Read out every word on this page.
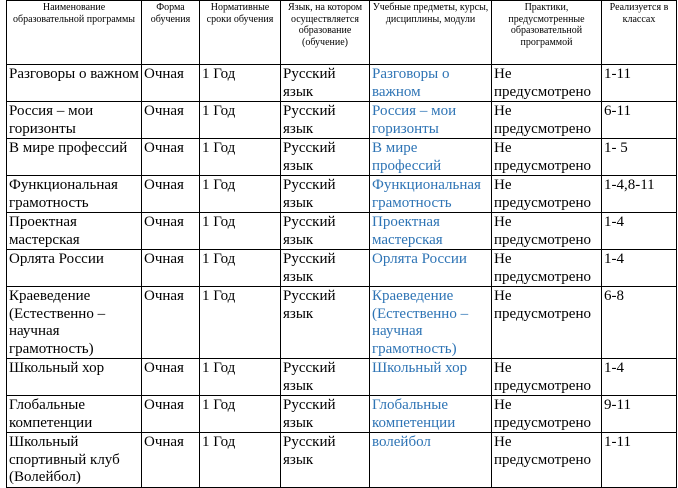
Наименование образовательной программы	Форма обучения	Нормативные сроки обучения	Язык, на котором осуществляется образование (обучение)	Учебные предметы, курсы, дисциплины, модули	Практики, предусмотренные образовательной программой	Реализуется в классах
Разговоры о важном	Очная	1 Год	Русский язык	Разговоры о важном	Не предусмотрено	1-11
Россия – мои горизонты	Очная	1 Год	Русский язык	Россия – мои горизонты	Не предусмотрено	6-11
В мире профессий	Очная	1 Год	Русский язык	В мире профессий	Не предусмотрено	1- 5
Функциональная грамотность	Очная	1 Год	Русский язык	Функциональная грамотность	Не предусмотрено	1-4,8-11
Проектная мастерская	Очная	1 Год	Русский язык	Проектная мастерская	Не предусмотрено	1-4
Орлята России	Очная	1 Год	Русский язык	Орлята России	Не предусмотрено	1-4
Краеведение (Естественно – научная грамотность)	Очная	1 Год	Русский язык	Краеведение (Естественно – научная грамотность)	Не предусмотрено	6-8
Школьный хор	Очная	1 Год	Русский язык	Школьный хор	Не предусмотрено	1-4
Глобальные компетенции	Очная	1 Год	Русский язык	Глобальные компетенции	Не предусмотрено	9-11
Школьный спортивный клуб (Волейбол)	Очная	1 Год	Русский язык	волейбол	Не предусмотрено	1-11
